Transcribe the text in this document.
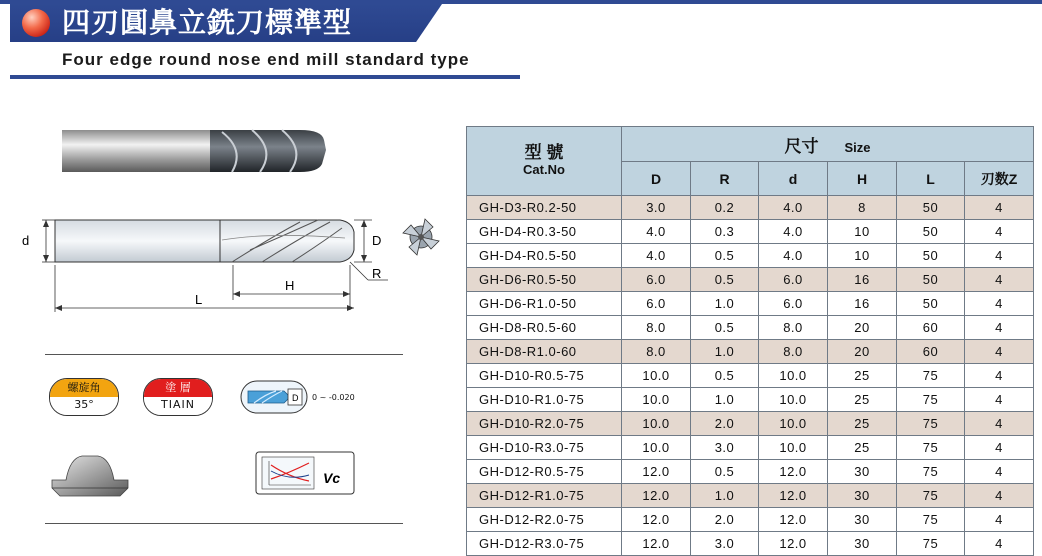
四刃圓鼻立銑刀標準型
Four edge round nose end mill standard type
d	D
R
H
L
螺旋角
35°
塗 層
TIAIN	D 0 ~ -0.020
Vc
型 號
Cat.No	尺寸 Size					
	D	R	d	H	L	刃数Z
GH-D3-R0.2-50	3.0	0.2	4.0	8	50	4
GH-D4-R0.3-50	4.0	0.3	4.0	10	50	4
GH-D4-R0.5-50	4.0	0.5	4.0	10	50	4
GH-D6-R0.5-50	6.0	0.5	6.0	16	50	4
GH-D6-R1.0-50	6.0	1.0	6.0	16	50	4
GH-D8-R0.5-60	8.0	0.5	8.0	20	60	4
GH-D8-R1.0-60	8.0	1.0	8.0	20	60	4
GH-D10-R0.5-75	10.0	0.5	10.0	25	75	4
GH-D10-R1.0-75	10.0	1.0	10.0	25	75	4
GH-D10-R2.0-75	10.0	2.0	10.0	25	75	4
GH-D10-R3.0-75	10.0	3.0	10.0	25	75	4
GH-D12-R0.5-75	12.0	0.5	12.0	30	75	4
GH-D12-R1.0-75	12.0	1.0	12.0	30	75	4
GH-D12-R2.0-75	12.0	2.0	12.0	30	75	4
GH-D12-R3.0-75	12.0	3.0	12.0	30	75	4
